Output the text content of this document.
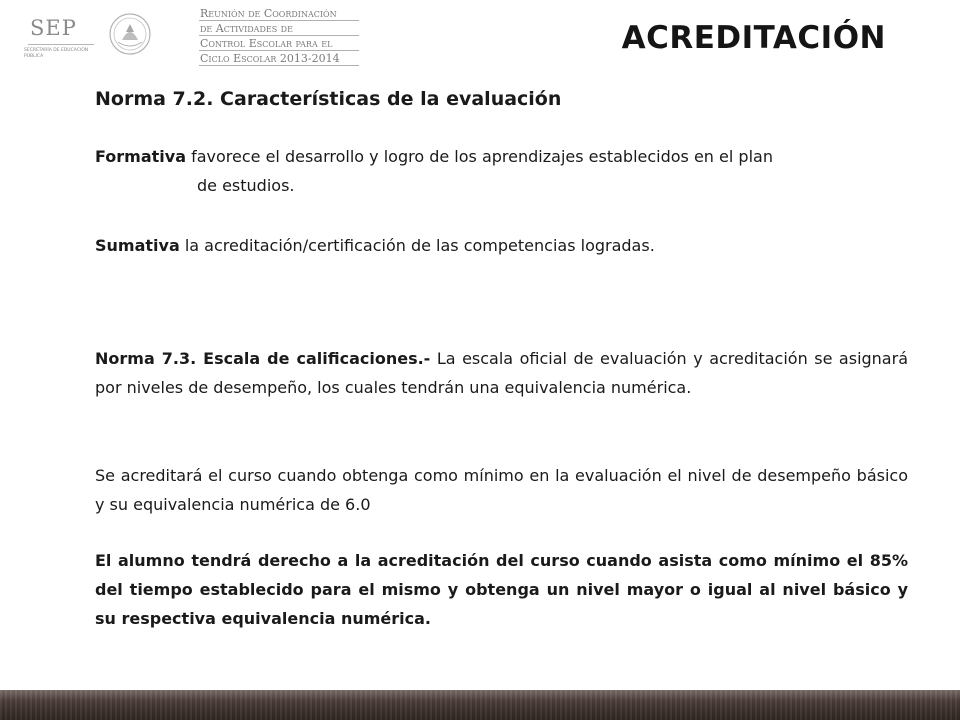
SEP
SECRETARÍA DE EDUCACIÓN PÚBLICA
Reunión de Coordinación
de Actividades de
Control Escolar para el
Ciclo Escolar 2013-2014
ACREDITACIÓN
Norma 7.2. Características de la evaluación

Formativa favorece el desarrollo y logro de los aprendizajes establecidos en el plan

de estudios.

Sumativa la acreditación/certificación de las competencias logradas.

Norma 7.3. Escala de calificaciones.- La escala oficial de evaluación y acreditación se asignará por niveles de desempeño, los cuales tendrán una equivalencia numérica.

Se acreditará el curso cuando obtenga como mínimo en la evaluación el nivel de desempeño básico y su equivalencia numérica de 6.0

El alumno tendrá derecho a la acreditación del curso cuando asista como mínimo el 85% del tiempo establecido para el mismo y obtenga un nivel mayor o igual al nivel básico y su respectiva equivalencia numérica.
